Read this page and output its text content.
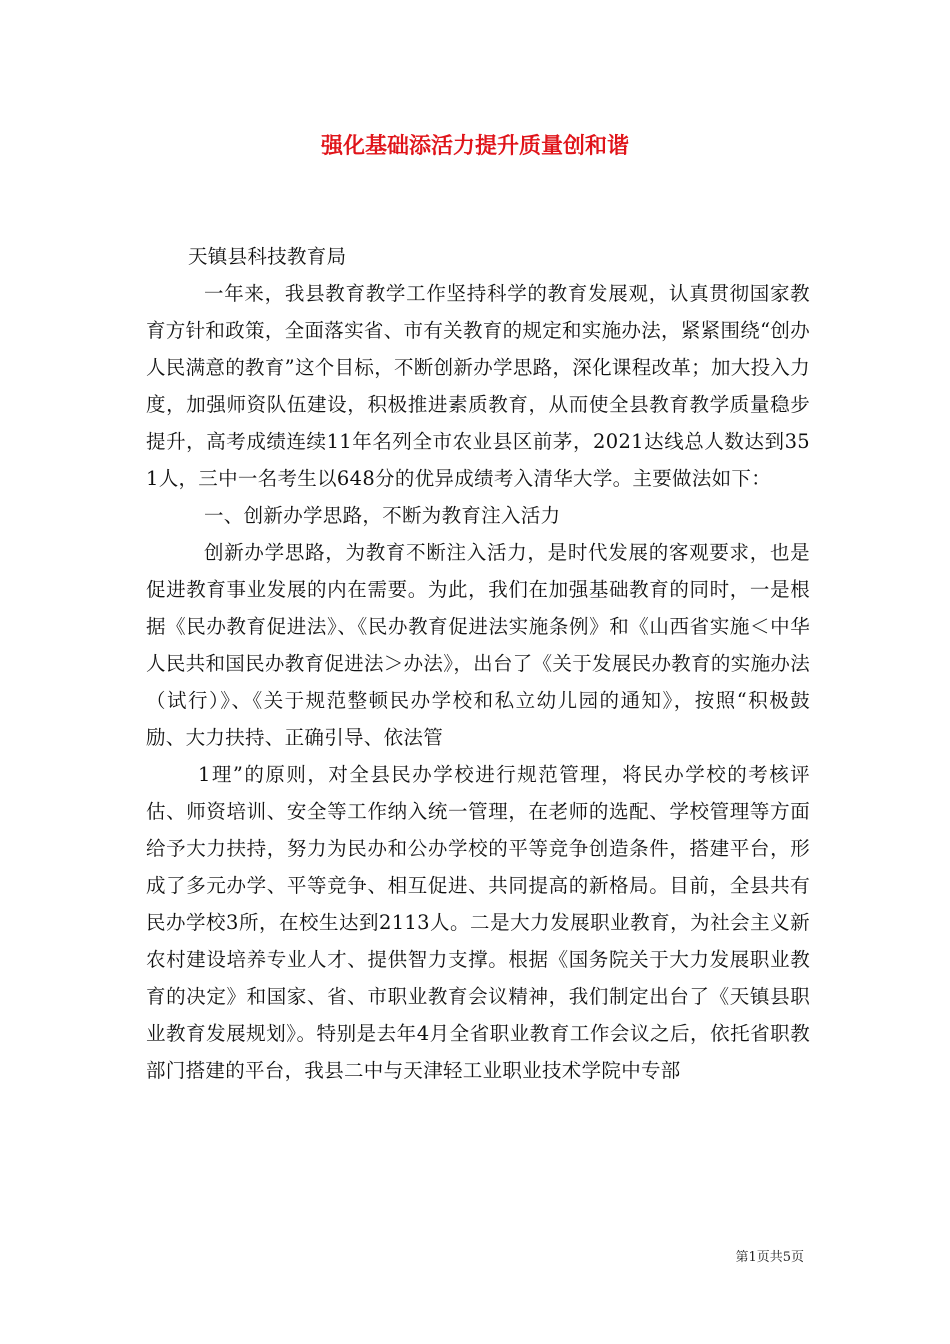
强化基础添活力提升质量创和谐

天镇县科技教育局

一年来，我县教育教学工作坚持科学的教育发展观，认真贯彻国家教育方针和政策，全面落实省、市有关教育的规定和实施办法，紧紧围绕“创办人民满意的教育”这个目标，不断创新办学思路，深化课程改革；加大投入力度，加强师资队伍建设，积极推进素质教育，从而使全县教育教学质量稳步提升，高考成绩连续11年名列全市农业县区前茅，2021达线总人数达到351人，三中一名考生以648分的优异成绩考入清华大学。主要做法如下：

一、创新办学思路，不断为教育注入活力

创新办学思路，为教育不断注入活力，是时代发展的客观要求，也是促进教育事业发展的内在需要。为此，我们在加强基础教育的同时，一是根据《民办教育促进法》、《民办教育促进法实施条例》和《山西省实施＜中华人民共和国民办教育促进法＞办法》，出台了《关于发展民办教育的实施办法（试行）》、《关于规范整顿民办学校和私立幼儿园的通知》，按照“积极鼓励、大力扶持、正确引导、依法管

1理”的原则，对全县民办学校进行规范管理，将民办学校的考核评估、师资培训、安全等工作纳入统一管理，在老师的选配、学校管理等方面给予大力扶持，努力为民办和公办学校的平等竞争创造条件，搭建平台，形成了多元办学、平等竞争、相互促进、共同提高的新格局。目前，全县共有民办学校3所，在校生达到2113人。二是大力发展职业教育，为社会主义新农村建设培养专业人才、提供智力支撑。根据《国务院关于大力发展职业教育的决定》和国家、省、市职业教育会议精神，我们制定出台了《天镇县职业教育发展规划》。特别是去年4月全省职业教育工作会议之后，依托省职教部门搭建的平台，我县二中与天津轻工业职业技术学院中专部

第1页共5页
